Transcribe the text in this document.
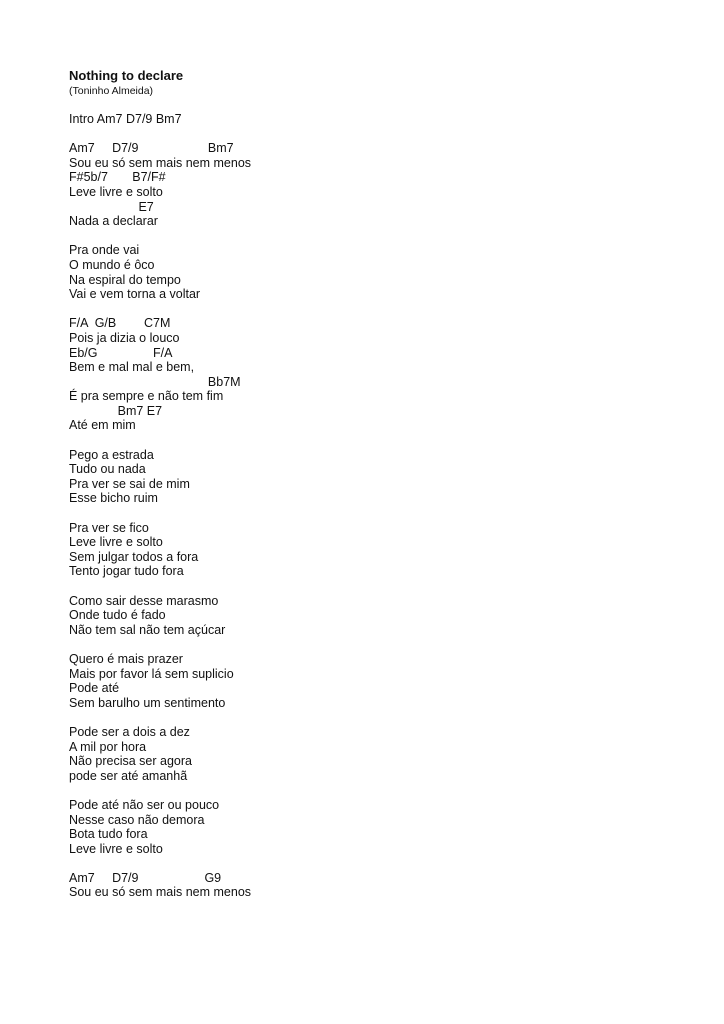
Nothing to declare

(Toninho Almeida)

Intro Am7 D7/9 Bm7

Am7     D7/9                    Bm7

Sou eu só sem mais nem menos

F#5b/7       B7/F#

Leve livre e solto

E7

Nada a declarar

Pra onde vai

O mundo é ôco

Na espiral do tempo

Vai e vem torna a voltar

F/A  G/B        C7M

Pois ja dizia o louco

Eb/G                F/A

Bem e mal mal e bem,

Bb7M

É pra sempre e não tem fim

Bm7 E7

Até em mim

Pego a estrada

Tudo ou nada

Pra ver se sai de mim

Esse bicho ruim

Pra ver se fico

Leve livre e solto

Sem julgar todos a fora

Tento jogar tudo fora

Como sair desse marasmo

Onde tudo é fado

Não tem sal não tem açúcar

Quero é mais prazer

Mais por favor lá sem suplicio

Pode até

Sem barulho um sentimento

Pode ser a dois a dez

A mil por hora

Não precisa ser agora

pode ser até amanhã

Pode até não ser ou pouco

Nesse caso não demora

Bota tudo fora

Leve livre e solto

Am7     D7/9                   G9

Sou eu só sem mais nem menos
